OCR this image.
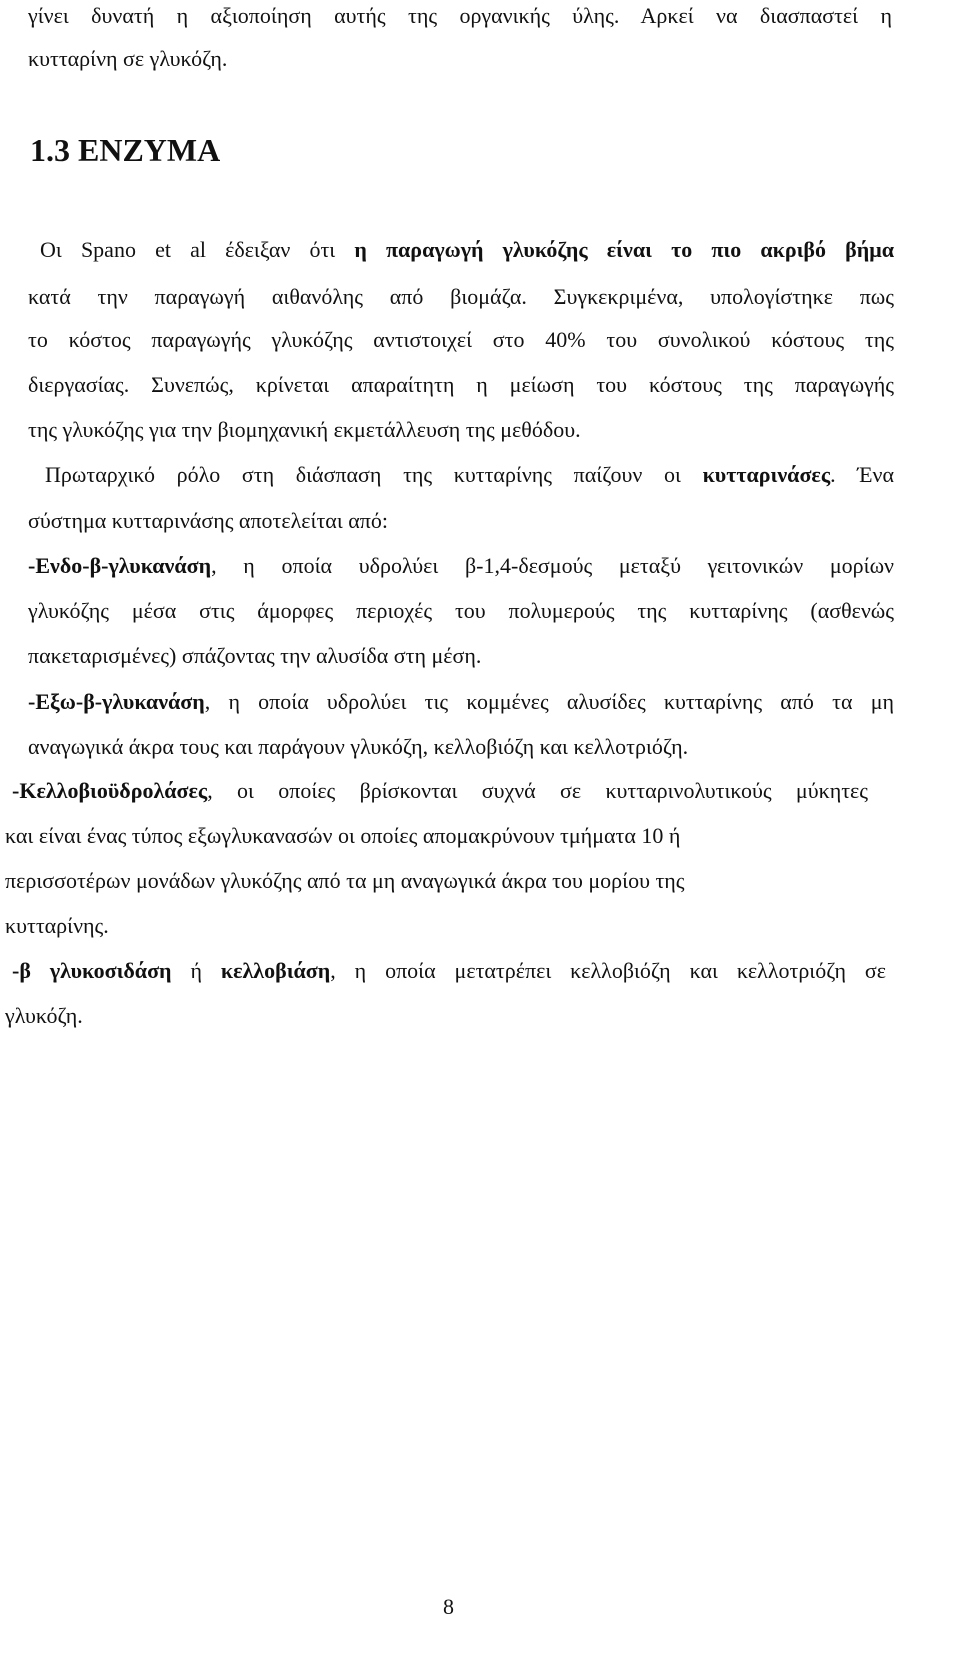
γίνει δυνατή η αξιοποίηση αυτής της οργανικής ύλης. Αρκεί να διασπαστεί η
κυτταρίνη σε γλυκόζη.
1.3 ΕΝΖΥΜΑ
Οι Spano et al έδειξαν ότι η παραγωγή γλυκόζης είναι το πιο ακριβό βήμα
κατά την παραγωγή αιθανόλης από βιομάζα. Συγκεκριμένα, υπολογίστηκε πως
το κόστος παραγωγής γλυκόζης αντιστοιχεί στο 40% του συνολικού κόστους της
διεργασίας. Συνεπώς, κρίνεται απαραίτητη η μείωση του κόστους της παραγωγής
της γλυκόζης για την βιομηχανική εκμετάλλευση της μεθόδου.
Πρωταρχικό ρόλο στη διάσπαση της κυτταρίνης παίζουν οι κυτταρινάσες. Ένα
σύστημα κυτταρινάσης αποτελείται από:
-Ενδο-β-γλυκανάση, η οποία υδρολύει β-1,4-δεσμούς μεταξύ γειτονικών μορίων
γλυκόζης μέσα στις άμορφες περιοχές του πολυμερούς της κυτταρίνης (ασθενώς
πακεταρισμένες) σπάζοντας την αλυσίδα στη μέση.
-Εξω-β-γλυκανάση, η οποία υδρολύει τις κομμένες αλυσίδες κυτταρίνης από τα μη
αναγωγικά άκρα τους και παράγουν γλυκόζη, κελλοβιόζη και κελλοτριόζη.
-Κελλοβιοϋδρολάσες, οι οποίες βρίσκονται συχνά σε κυτταρινολυτικούς μύκητες
και είναι ένας τύπος εξωγλυκανασών οι οποίες απομακρύνουν τμήματα 10 ή
περισσοτέρων μονάδων γλυκόζης από τα μη αναγωγικά άκρα του μορίου της
κυτταρίνης.
-β γλυκοσιδάση ή κελλοβιάση, η οποία μετατρέπει κελλοβιόζη και κελλοτριόζη σε
γλυκόζη.
8
